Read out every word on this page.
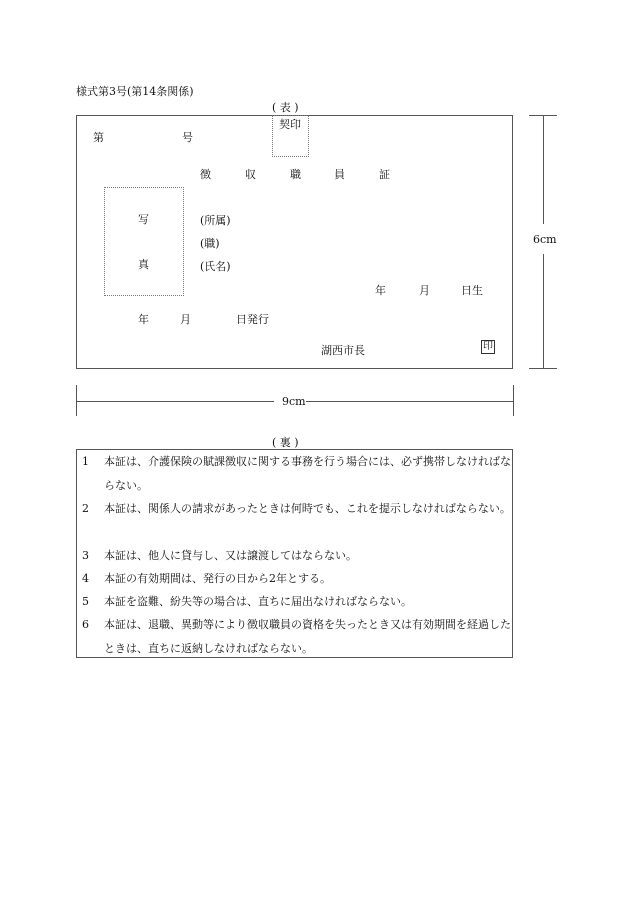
様式第3号(第14条関係)
( 表 )
第	号
契印
徴	収	職	員	証
写
真
(所属)
(職)
(氏名)
年	月	日生
年	月	日発行
湖西市長	印
6cm
9cm
( 裏 )
1	本証は、介護保険の賦課徴収に関する事務を行う場合には、必ず携帯しなければならない。
2	本証は、関係人の請求があったときは何時でも、これを提示しなければならない。
3	本証は、他人に貸与し、又は譲渡してはならない。
4	本証の有効期間は、発行の日から2年とする。
5	本証を盗難、紛失等の場合は、直ちに届出なければならない。
6	本証は、退職、異動等により徴収職員の資格を失ったとき又は有効期間を経過したときは、直ちに返納しなければならない。
